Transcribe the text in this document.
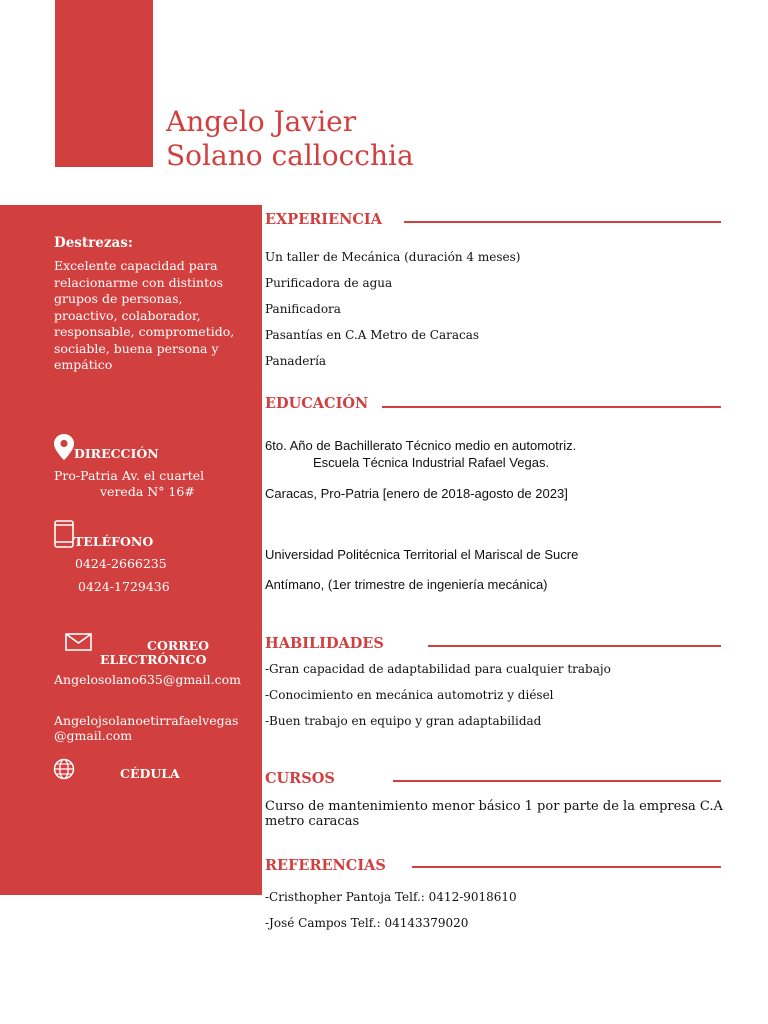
Angelo Javier
Solano callocchia
Destrezas:
Excelente capacidad para relacionarme con distintos grupos de personas, proactivo, colaborador, responsable, comprometido, sociable, buena persona y empático
DIRECCIÓN
Pro-Patria Av. el cuartel
vereda N° 16#
TELÉFONO
0424-2666235
0424-1729436
CORREO
ELECTRÓNICO
Angelosolano635@gmail.com
Angelojsolanoetirrafaelvegas
@gmail.com
CÉDULA
EXPERIENCIA
Un taller de Mecánica (duración 4 meses)
Purificadora de agua
Panificadora
Pasantías en C.A Metro de Caracas
Panadería
EDUCACIÓN
6to. Año de Bachillerato Técnico medio en automotriz.
Escuela Técnica Industrial Rafael Vegas.
Caracas, Pro-Patria [enero de 2018-agosto de 2023]
Universidad Politécnica Territorial el Mariscal de Sucre
Antímano, (1er trimestre de ingeniería mecánica)
HABILIDADES
-Gran capacidad de adaptabilidad para cualquier trabajo
-Conocimiento en mecánica automotriz y diésel
-Buen trabajo en equipo y gran adaptabilidad
CURSOS
Curso de mantenimiento menor básico 1 por parte de la empresa C.A
metro caracas
REFERENCIAS
-Cristhopher Pantoja Telf.: 0412-9018610
-José Campos Telf.: 04143379020
